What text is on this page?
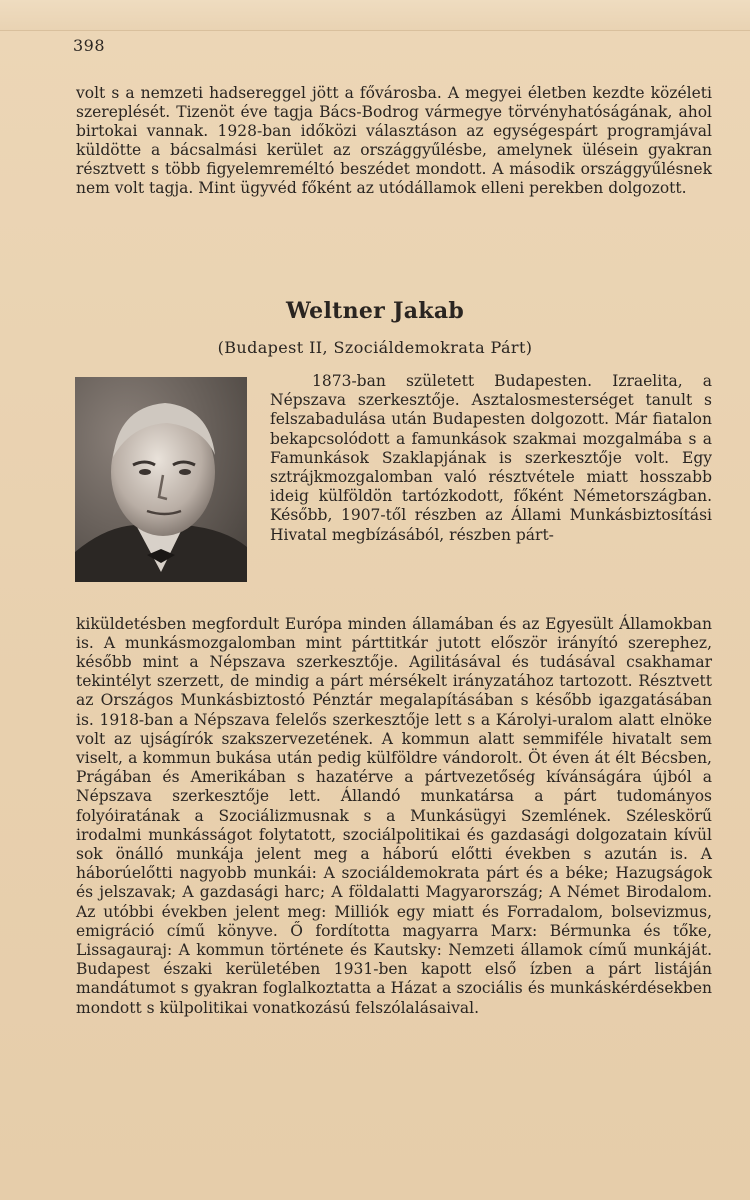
398

volt s a nemzeti hadsereggel jött a fővárosba. A megyei életben kezdte közéleti szereplését. Tizenöt éve tagja Bács-Bodrog vármegye törvényhatóságának, ahol birtokai vannak. 1928-ban időközi választáson az egységespárt programjával küldötte a bácsalmási kerület az országgyűlésbe, amelynek ülésein gyakran résztvett s több figyelemreméltó beszédet mondott. A második országgyűlésnek nem volt tagja. Mint ügyvéd főként az utódállamok elleni perekben dolgozott.

Weltner Jakab
(Budapest II, Szociáldemokrata Párt)
1873-ban született Budapesten. Izraelita, a Népszava szerkesztője. Asztalosmesterséget tanult s felszabadulása után Budapesten dolgozott. Már fiatalon bekapcsolódott a famunkások szakmai mozgalmába s a Famunkások Szaklapjának is szerkesztője volt. Egy sztrájkmozgalomban való résztvétele miatt hosszabb ideig külföldön tartózkodott, főként Németországban. Később, 1907-től részben az Állami Munkásbiztosítási Hivatal megbízásából, részben párt-

kiküldetésben megfordult Európa minden államában és az Egyesült Államokban is. A munkásmozgalomban mint párttitkár jutott először irányító szerephez, később mint a Népszava szerkesztője. Agilitásával és tudásával csakhamar tekintélyt szerzett, de mindig a párt mérsékelt irányzatához tartozott. Résztvett az Országos Munkásbiztostó Pénztár megalapításában s később igazgatásában is. 1918-ban a Népszava felelős szerkesztője lett s a Károlyi-uralom alatt elnöke volt az ujságírók szakszervezetének. A kommun alatt semmiféle hivatalt sem viselt, a kommun bukása után pedig külföldre vándorolt. Öt éven át élt Bécsben, Prágában és Amerikában s hazatérve a pártvezetőség kívánságára újból a Népszava szerkesztője lett. Állandó munkatársa a párt tudományos folyóiratának a Szociálizmusnak s a Munkásügyi Szemlének. Széleskörű irodalmi munkásságot folytatott, szociálpolitikai és gazdasági dolgozatain kívül sok önálló munkája jelent meg a háború előtti években s azután is. A háborúelőtti nagyobb munkái: A szociáldemokrata párt és a béke; Hazugságok és jelszavak; A gazdasági harc; A földalatti Magyarország; A Német Birodalom. Az utóbbi években jelent meg: Milliók egy miatt és Forradalom, bolsevizmus, emigráció című könyve. Ő fordította magyarra Marx: Bérmunka és tőke, Lissagauraj: A kommun története és Kautsky: Nemzeti államok című munkáját. Budapest északi kerületében 1931-ben kapott első ízben a párt listáján mandátumot s gyakran foglalkoztatta a Házat a szociális és munkáskérdésekben mondott s külpolitikai vonatkozású felszólalásaival.
